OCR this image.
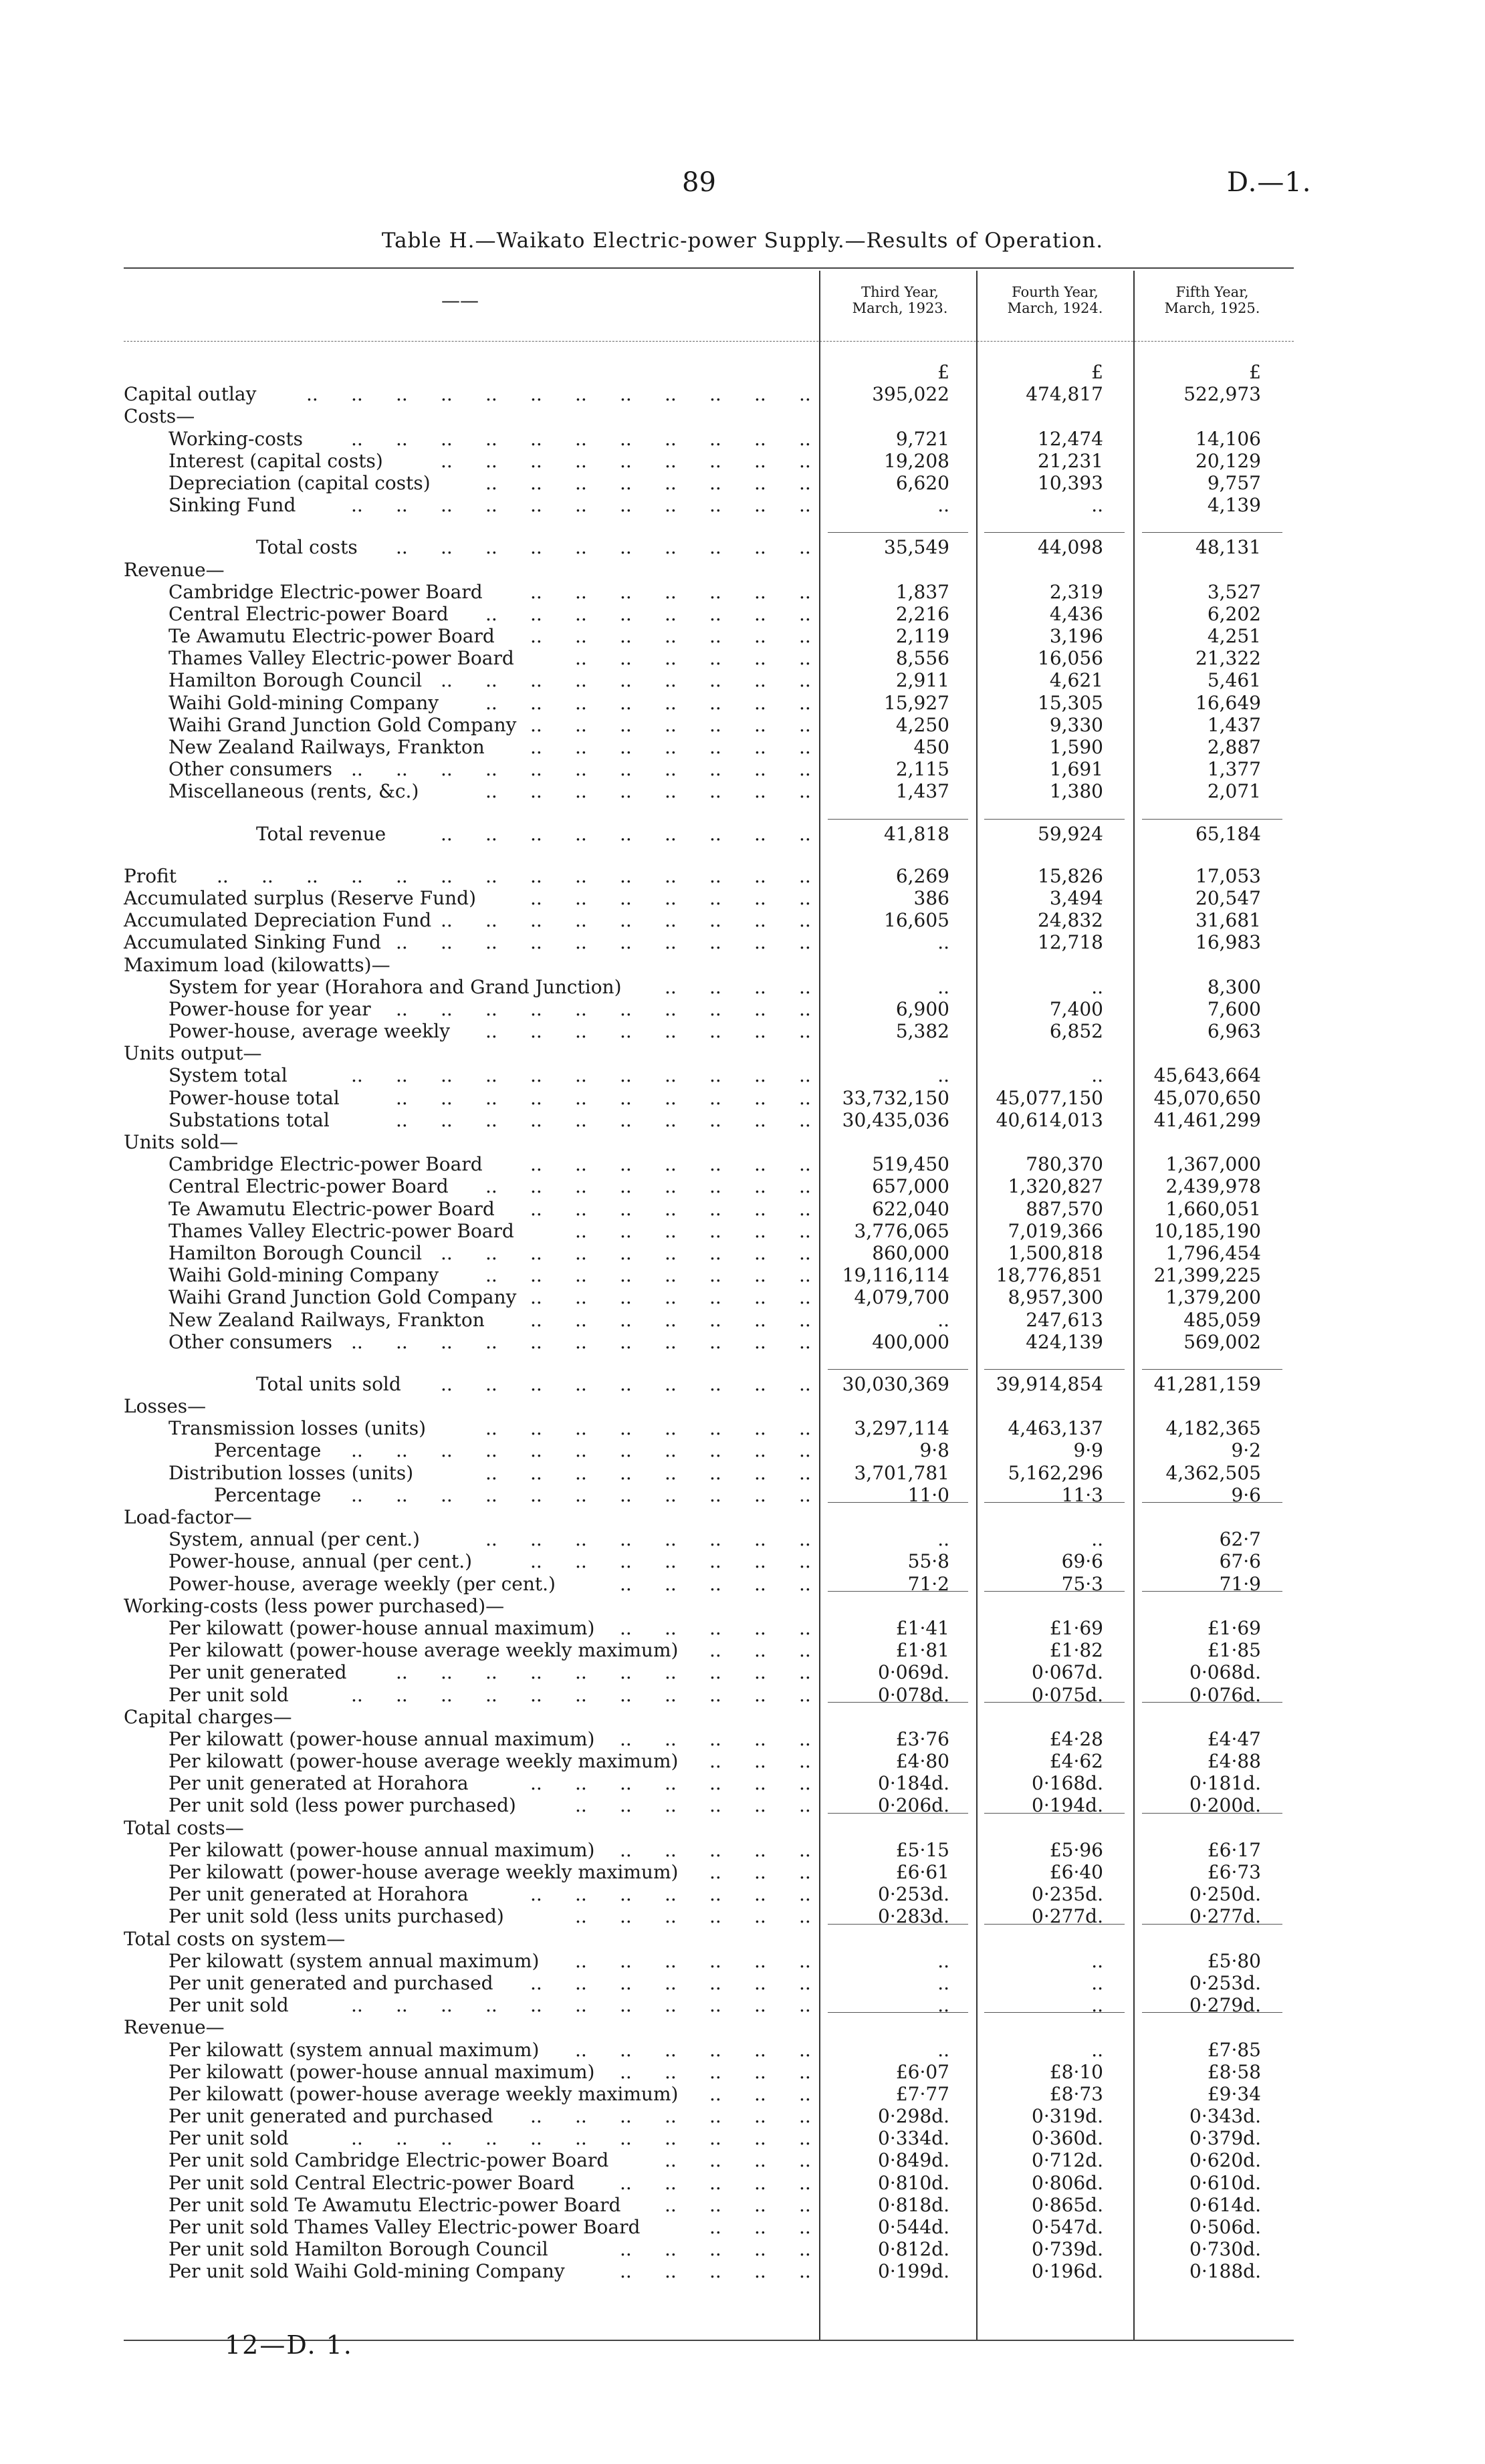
89	D.—1.
Table H.—Waikato Electric-power Supply.—Results of Operation.
——	Third Year,
March, 1923.
Fourth Year,
March, 1924.
Fifth Year,
March, 1925.
£	£	£
Capital outlay	..
..
..
..
..
..
..
..
..
..
..
..	395,022	474,817	522,973
Costs—
Working-costs	..
..
..
..
..
..
..
..
..
..
..	9,721	12,474	14,106
Interest (capital costs)	..
..
..
..
..
..
..
..
..	19,208	21,231	20,129
Depreciation (capital costs)	..
..
..
..
..
..
..
..	6,620	10,393	9,757
Sinking Fund	..
..
..
..
..
..
..
..
..
..
..	..	..	4,139
Total costs	..
..
..
..
..
..
..
..
..
..	35,549	44,098	48,131
Revenue—
Cambridge Electric-power Board	..
..
..
..
..
..
..	1,837	2,319	3,527
Central Electric-power Board	..
..
..
..
..
..
..
..	2,216	4,436	6,202
Te Awamutu Electric-power Board	..
..
..
..
..
..
..	2,119	3,196	4,251
Thames Valley Electric-power Board	..
..
..
..
..
..	8,556	16,056	21,322
Hamilton Borough Council	..
..
..
..
..
..
..
..
..	2,911	4,621	5,461
Waihi Gold-mining Company	..
..
..
..
..
..
..
..	15,927	15,305	16,649
Waihi Grand Junction Gold Company	..
..
..
..
..
..
..	4,250	9,330	1,437
New Zealand Railways, Frankton	..
..
..
..
..
..
..	450	1,590	2,887
Other consumers	..
..
..
..
..
..
..
..
..
..
..	2,115	1,691	1,377
Miscellaneous (rents, &c.)	..
..
..
..
..
..
..
..	1,437	1,380	2,071
Total revenue	..
..
..
..
..
..
..
..
..	41,818	59,924	65,184
Profit	..
..
..
..
..
..
..
..
..
..
..
..
..
..	6,269	15,826	17,053
Accumulated surplus (Reserve Fund)	..
..
..
..
..
..
..	386	3,494	20,547
Accumulated Depreciation Fund	..
..
..
..
..
..
..
..
..	16,605	24,832	31,681
Accumulated Sinking Fund	..
..
..
..
..
..
..
..
..
..	..	12,718	16,983
Maximum load (kilowatts)—
System for year (Horahora and Grand Junction)	..
..
..
..	..	..	8,300
Power-house for year	..
..
..
..
..
..
..
..
..
..	6,900	7,400	7,600
Power-house, average weekly	..
..
..
..
..
..
..
..	5,382	6,852	6,963
Units output—
System total	..
..
..
..
..
..
..
..
..
..
..	..	..	45,643,664
Power-house total	..
..
..
..
..
..
..
..
..
..	33,732,150	45,077,150	45,070,650
Substations total	..
..
..
..
..
..
..
..
..
..	30,435,036	40,614,013	41,461,299
Units sold—
Cambridge Electric-power Board	..
..
..
..
..
..
..	519,450	780,370	1,367,000
Central Electric-power Board	..
..
..
..
..
..
..
..	657,000	1,320,827	2,439,978
Te Awamutu Electric-power Board	..
..
..
..
..
..
..	622,040	887,570	1,660,051
Thames Valley Electric-power Board	..
..
..
..
..
..	3,776,065	7,019,366	10,185,190
Hamilton Borough Council	..
..
..
..
..
..
..
..
..	860,000	1,500,818	1,796,454
Waihi Gold-mining Company	..
..
..
..
..
..
..
..	19,116,114	18,776,851	21,399,225
Waihi Grand Junction Gold Company	..
..
..
..
..
..
..	4,079,700	8,957,300	1,379,200
New Zealand Railways, Frankton	..
..
..
..
..
..
..	..	247,613	485,059
Other consumers	..
..
..
..
..
..
..
..
..
..
..	400,000	424,139	569,002
Total units sold	..
..
..
..
..
..
..
..
..	30,030,369	39,914,854	41,281,159
Losses—
Transmission losses (units)	..
..
..
..
..
..
..
..	3,297,114	4,463,137	4,182,365
Percentage	..
..
..
..
..
..
..
..
..
..
..	9·8	9·9	9·2
Distribution losses (units)	..
..
..
..
..
..
..
..	3,701,781	5,162,296	4,362,505
Percentage	..
..
..
..
..
..
..
..
..
..
..	11·0	11·3	9·6
Load-factor—
System, annual (per cent.)	..
..
..
..
..
..
..
..	..	..	62·7
Power-house, annual (per cent.)	..
..
..
..
..
..
..	55·8	69·6	67·6
Power-house, average weekly (per cent.)	..
..
..
..
..	71·2	75·3	71·9
Working-costs (less power purchased)—
Per kilowatt (power-house annual maximum)	..
..
..
..
..	£1·41	£1·69	£1·69
Per kilowatt (power-house average weekly maximum)	..
..
..	£1·81	£1·82	£1·85
Per unit generated	..
..
..
..
..
..
..
..
..
..	0·069d.	0·067d.	0·068d.
Per unit sold	..
..
..
..
..
..
..
..
..
..
..	0·078d.	0·075d.	0·076d.
Capital charges—
Per kilowatt (power-house annual maximum)	..
..
..
..
..	£3·76	£4·28	£4·47
Per kilowatt (power-house average weekly maximum)	..
..
..	£4·80	£4·62	£4·88
Per unit generated at Horahora	..
..
..
..
..
..
..	0·184d.	0·168d.	0·181d.
Per unit sold (less power purchased)	..
..
..
..
..
..	0·206d.	0·194d.	0·200d.
Total costs—
Per kilowatt (power-house annual maximum)	..
..
..
..
..	£5·15	£5·96	£6·17
Per kilowatt (power-house average weekly maximum)	..
..
..	£6·61	£6·40	£6·73
Per unit generated at Horahora	..
..
..
..
..
..
..	0·253d.	0·235d.	0·250d.
Per unit sold (less units purchased)	..
..
..
..
..
..	0·283d.	0·277d.	0·277d.
Total costs on system—
Per kilowatt (system annual maximum)	..
..
..
..
..
..	..	..	£5·80
Per unit generated and purchased	..
..
..
..
..
..
..	..	..	0·253d.
Per unit sold	..
..
..
..
..
..
..
..
..
..
..	..	..	0·279d.
Revenue—
Per kilowatt (system annual maximum)	..
..
..
..
..
..	..	..	£7·85
Per kilowatt (power-house annual maximum)	..
..
..
..
..	£6·07	£8·10	£8·58
Per kilowatt (power-house average weekly maximum)	..
..
..	£7·77	£8·73	£9·34
Per unit generated and purchased	..
..
..
..
..
..
..	0·298d.	0·319d.	0·343d.
Per unit sold	..
..
..
..
..
..
..
..
..
..
..	0·334d.	0·360d.	0·379d.
Per unit sold Cambridge Electric-power Board	..
..
..
..	0·849d.	0·712d.	0·620d.
Per unit sold Central Electric-power Board	..
..
..
..
..	0·810d.	0·806d.	0·610d.
Per unit sold Te Awamutu Electric-power Board	..
..
..
..	0·818d.	0·865d.	0·614d.
Per unit sold Thames Valley Electric-power Board	..
..
..	0·544d.	0·547d.	0·506d.
Per unit sold Hamilton Borough Council	..
..
..
..
..	0·812d.	0·739d.	0·730d.
Per unit sold Waihi Gold-mining Company	..
..
..
..
..	0·199d.	0·196d.	0·188d.
12—D. 1.
